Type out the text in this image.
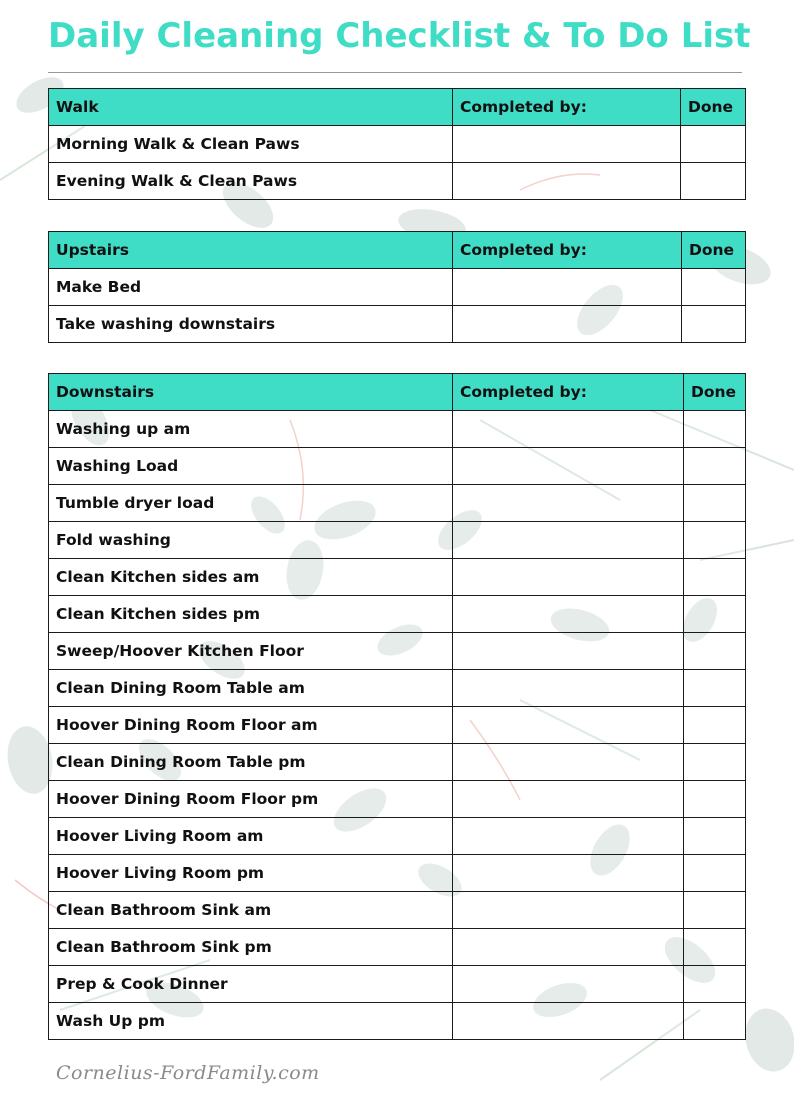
Daily Cleaning Checklist & To Do List
Walk	Completed by:	Done
Morning Walk & Clean Paws		
Evening Walk & Clean Paws		
Upstairs	Completed by:	Done
Make Bed		
Take washing downstairs		
Downstairs	Completed by:	Done
Washing up am		
Washing Load		
Tumble dryer load		
Fold washing		
Clean Kitchen sides am		
Clean Kitchen sides pm		
Sweep/Hoover Kitchen Floor		
Clean Dining Room Table am		
Hoover Dining Room Floor am		
Clean Dining Room Table pm		
Hoover Dining Room Floor pm		
Hoover Living Room am		
Hoover Living Room pm		
Clean Bathroom Sink am		
Clean Bathroom Sink pm		
Prep & Cook Dinner		
Wash Up pm		
Cornelius-FordFamily.com
